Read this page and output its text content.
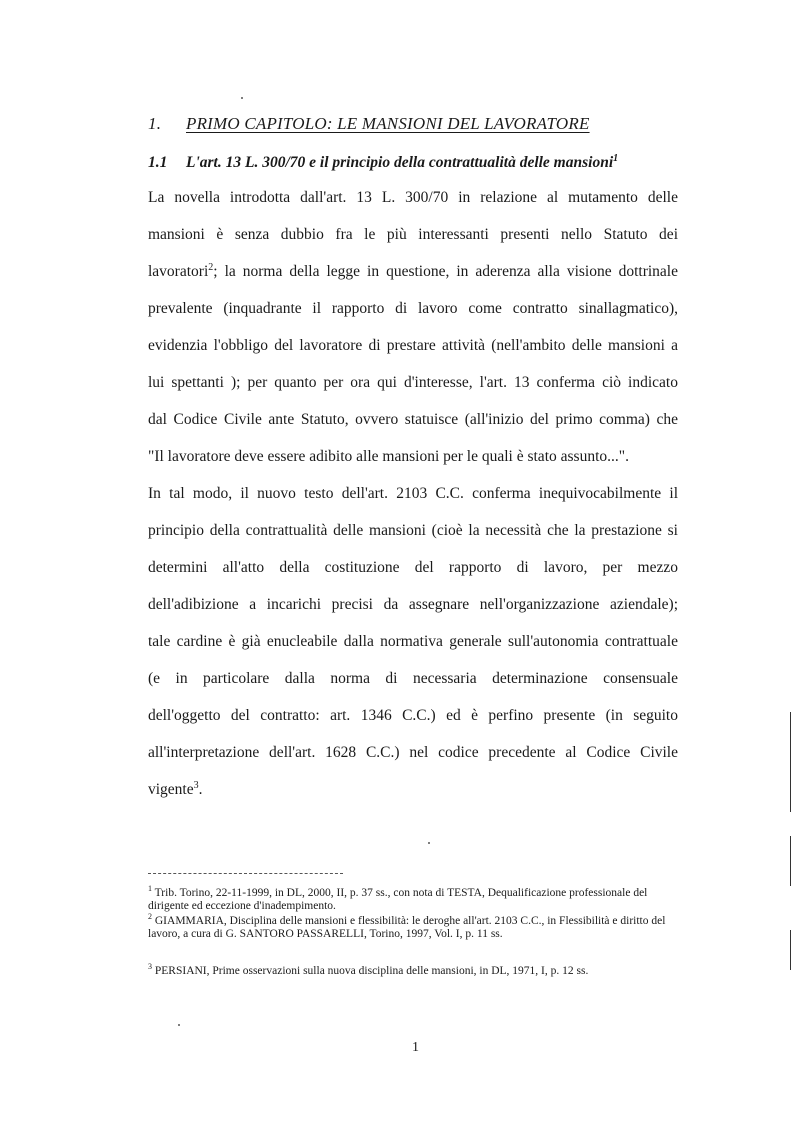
1. PRIMO CAPITOLO: LE MANSIONI DEL LAVORATORE
1.1 L'art. 13 L. 300/70 e il principio della contrattualità delle mansioni$^1$
La novella introdotta dall'art. 13 L. 300/70 in relazione al mutamento delle
mansioni è senza dubbio fra le più interessanti presenti nello Statuto dei
lavoratori$^2$; la norma della legge in questione, in aderenza alla visione dottrinale
prevalente (inquadrante il rapporto di lavoro come contratto sinallagmatico),
evidenzia l'obbligo del lavoratore di prestare attività (nell'ambito delle mansioni a
lui spettanti ); per quanto per ora qui d'interesse, l'art. 13 conferma ciò indicato
dal Codice Civile ante Statuto, ovvero statuisce (all'inizio del primo comma) che
"Il lavoratore deve essere adibito alle mansioni per le quali è stato assunto...".
In tal modo, il nuovo testo dell'art. 2103 C.C. conferma inequivocabilmente il
principio della contrattualità delle mansioni (cioè la necessità che la prestazione si
determini all'atto della costituzione del rapporto di lavoro, per mezzo
dell'adibizione a incarichi precisi da assegnare nell'organizzazione aziendale);
tale cardine è già enucleabile dalla normativa generale sull'autonomia contrattuale
(e in particolare dalla norma di necessaria determinazione consensuale
dell'oggetto del contratto: art. 1346 C.C.) ed è perfino presente (in seguito
all'interpretazione dell'art. 1628 C.C.) nel codice precedente al Codice Civile
vigente$^3$.
$^1$ Trib. Torino, 22-11-1999, in DL, 2000, II, p. 37 ss., con nota di TESTA, Dequalificazione professionale del dirigente ed eccezione d'inadempimento.
$^2$ GIAMMARIA, Disciplina delle mansioni e flessibilità: le deroghe all'art. 2103 C.C., in Flessibilità e diritto del lavoro, a cura di G. SANTORO PASSARELLI, Torino, 1997, Vol. I, p. 11 ss.
$^3$ PERSIANI, Prime osservazioni sulla nuova disciplina delle mansioni, in DL, 1971, I, p. 12 ss.
1
